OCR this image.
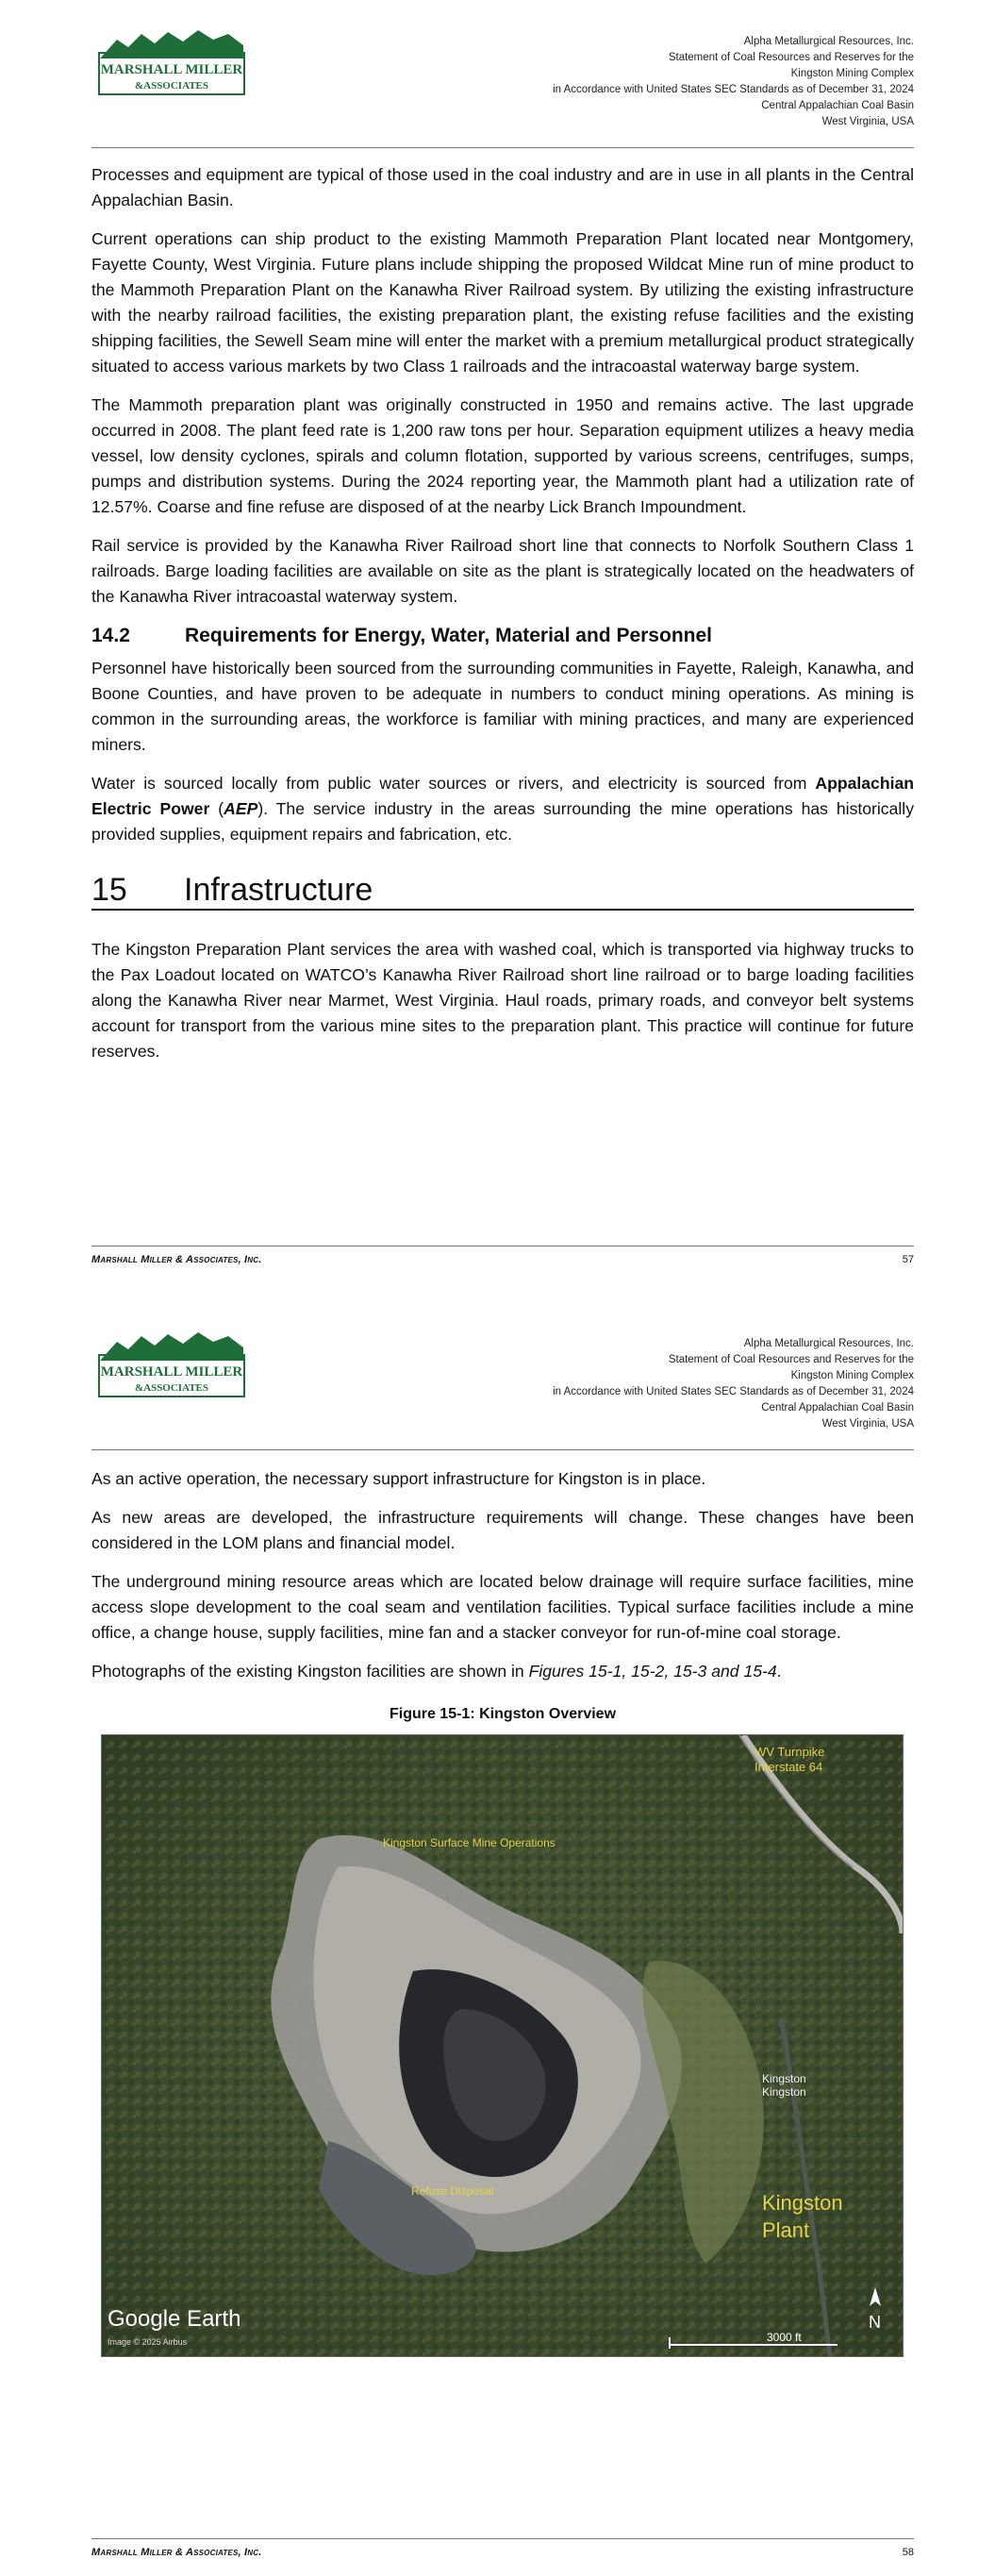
MARSHALL MILLER
&ASSOCIATES
Alpha Metallurgical Resources, Inc.
Statement of Coal Resources and Reserves for the
Kingston Mining Complex
in Accordance with United States SEC Standards as of December 31, 2024
Central Appalachian Coal Basin
West Virginia, USA

Processes and equipment are typical of those used in the coal industry and are in use in all plants in the Central Appalachian Basin.

Current operations can ship product to the existing Mammoth Preparation Plant located near Montgomery, Fayette County, West Virginia. Future plans include shipping the proposed Wildcat Mine run of mine product to the Mammoth Preparation Plant on the Kanawha River Railroad system. By utilizing the existing infrastructure with the nearby railroad facilities, the existing preparation plant, the existing refuse facilities and the existing shipping facilities, the Sewell Seam mine will enter the market with a premium metallurgical product strategically situated to access various markets by two Class 1 railroads and the intracoastal waterway barge system.

The Mammoth preparation plant was originally constructed in 1950 and remains active. The last upgrade occurred in 2008. The plant feed rate is 1,200 raw tons per hour. Separation equipment utilizes a heavy media vessel, low density cyclones, spirals and column flotation, supported by various screens, centrifuges, sumps, pumps and distribution systems. During the 2024 reporting year, the Mammoth plant had a utilization rate of 12.57%. Coarse and fine refuse are disposed of at the nearby Lick Branch Impoundment.

Rail service is provided by the Kanawha River Railroad short line that connects to Norfolk Southern Class 1 railroads. Barge loading facilities are available on site as the plant is strategically located on the headwaters of the Kanawha River intracoastal waterway system.

14.2	Requirements for Energy, Water, Material and Personnel

Personnel have historically been sourced from the surrounding communities in Fayette, Raleigh, Kanawha, and Boone Counties, and have proven to be adequate in numbers to conduct mining operations. As mining is common in the surrounding areas, the workforce is familiar with mining practices, and many are experienced miners.

Water is sourced locally from public water sources or rivers, and electricity is sourced from Appalachian Electric Power (AEP). The service industry in the areas surrounding the mine operations has historically provided supplies, equipment repairs and fabrication, etc.

15	Infrastructure

The Kingston Preparation Plant services the area with washed coal, which is transported via highway trucks to the Pax Loadout located on WATCO’s Kanawha River Railroad short line railroad or to barge loading facilities along the Kanawha River near Marmet, West Virginia. Haul roads, primary roads, and conveyor belt systems account for transport from the various mine sites to the preparation plant. This practice will continue for future reserves.

Marshall Miller & Associates, Inc.	57
MARSHALL MILLER
&ASSOCIATES
Alpha Metallurgical Resources, Inc.
Statement of Coal Resources and Reserves for the
Kingston Mining Complex
in Accordance with United States SEC Standards as of December 31, 2024
Central Appalachian Coal Basin
West Virginia, USA

As an active operation, the necessary support infrastructure for Kingston is in place.

As new areas are developed, the infrastructure requirements will change. These changes have been considered in the LOM plans and financial model.

The underground mining resource areas which are located below drainage will require surface facilities, mine access slope development to the coal seam and ventilation facilities. Typical surface facilities include a mine office, a change house, supply facilities, mine fan and a stacker conveyor for run-of-mine coal storage.

Photographs of the existing Kingston facilities are shown in Figures 15-1, 15-2, 15-3 and 15-4.

Figure 15-1: Kingston Overview
WV Turnpike
Interstate 64
Kingston Surface Mine Operations
Kingston
Kingston
Refuse Disposal	Kingston
Plant
Google Earth
Image © 2025 Airbus	3000 ft
N
Marshall Miller & Associates, Inc.	58
